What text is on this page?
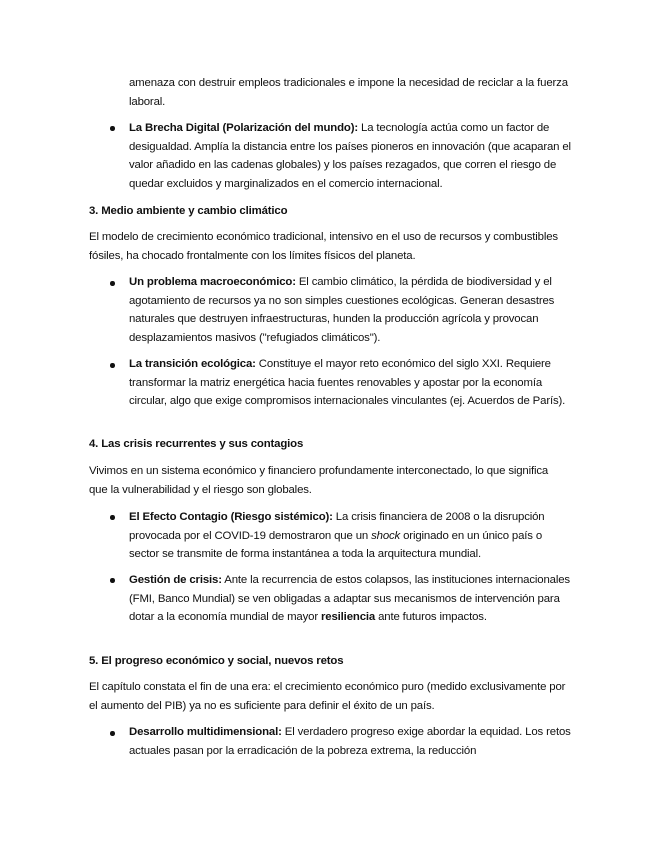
amenaza con destruir empleos tradicionales e impone la necesidad de reciclar a la fuerza laboral.

La Brecha Digital (Polarización del mundo): La tecnología actúa como un factor de desigualdad. Amplía la distancia entre los países pioneros en innovación (que acaparan el valor añadido en las cadenas globales) y los países rezagados, que corren el riesgo de quedar excluidos y marginalizados en el comercio internacional.

3. Medio ambiente y cambio climático

El modelo de crecimiento económico tradicional, intensivo en el uso de recursos y combustibles fósiles, ha chocado frontalmente con los límites físicos del planeta.

Un problema macroeconómico: El cambio climático, la pérdida de biodiversidad y el agotamiento de recursos ya no son simples cuestiones ecológicas. Generan desastres naturales que destruyen infraestructuras, hunden la producción agrícola y provocan desplazamientos masivos ("refugiados climáticos").

La transición ecológica: Constituye el mayor reto económico del siglo XXI. Requiere transformar la matriz energética hacia fuentes renovables y apostar por la economía circular, algo que exige compromisos internacionales vinculantes (ej. Acuerdos de París).

4. Las crisis recurrentes y sus contagios

Vivimos en un sistema económico y financiero profundamente interconectado, lo que significa que la vulnerabilidad y el riesgo son globales.

El Efecto Contagio (Riesgo sistémico): La crisis financiera de 2008 o la disrupción provocada por el COVID-19 demostraron que un shock originado en un único país o sector se transmite de forma instantánea a toda la arquitectura mundial.

Gestión de crisis: Ante la recurrencia de estos colapsos, las instituciones internacionales (FMI, Banco Mundial) se ven obligadas a adaptar sus mecanismos de intervención para dotar a la economía mundial de mayor resiliencia ante futuros impactos.

5. El progreso económico y social, nuevos retos

El capítulo constata el fin de una era: el crecimiento económico puro (medido exclusivamente por el aumento del PIB) ya no es suficiente para definir el éxito de un país.

Desarrollo multidimensional: El verdadero progreso exige abordar la equidad. Los retos actuales pasan por la erradicación de la pobreza extrema, la reducción
